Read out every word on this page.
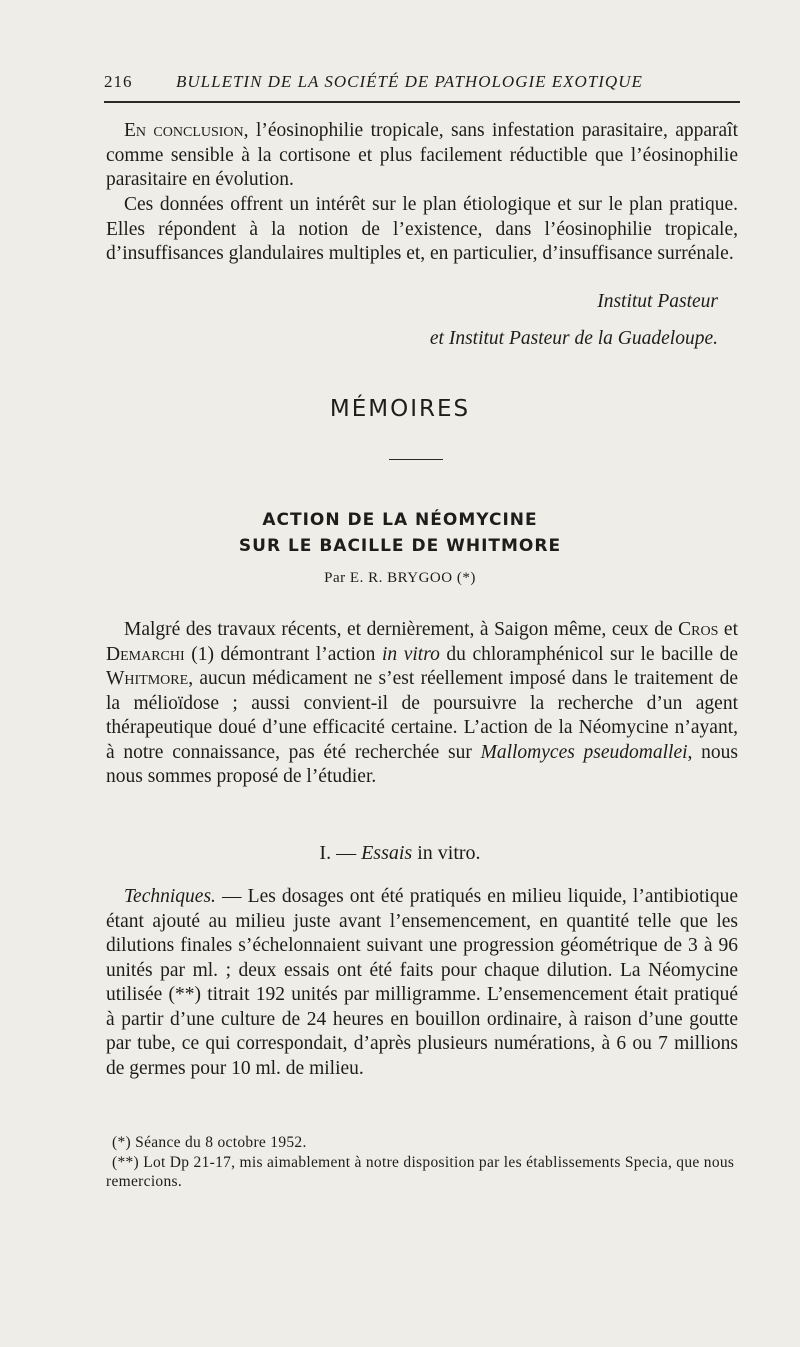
216	BULLETIN DE LA SOCIÉTÉ DE PATHOLOGIE EXOTIQUE

En conclusion, l’éosinophilie tropicale, sans infestation parasitaire, apparaît comme sensible à la cortisone et plus facilement réductible que l’éosinophilie parasitaire en évolution.

Ces données offrent un intérêt sur le plan étiologique et sur le plan pratique. Elles répondent à la notion de l’existence, dans l’éosinophilie tropicale, d’insuffisances glandulaires multiples et, en particulier, d’insuffisance surrénale.

Institut Pasteur
et Institut Pasteur de la Guadeloupe.
MÉMOIRES
ACTION DE LA NÉOMYCINE
SUR LE BACILLE DE WHITMORE
Par E. R. BRYGOO (*)

Malgré des travaux récents, et dernièrement, à Saigon même, ceux de Cros et Demarchi (1) démontrant l’action in vitro du chloramphénicol sur le bacille de Whitmore, aucun médicament ne s’est réellement imposé dans le traitement de la mélioïdose ; aussi convient-il de poursuivre la recherche d’un agent thérapeutique doué d’une efficacité certaine. L’action de la Néomycine n’ayant, à notre connaissance, pas été recherchée sur Mallomyces pseudomallei, nous nous sommes proposé de l’étudier.

I. — Essais in vitro.

Techniques. — Les dosages ont été pratiqués en milieu liquide, l’antibiotique étant ajouté au milieu juste avant l’ensemencement, en quantité telle que les dilutions finales s’échelonnaient suivant une progression géométrique de 3 à 96 unités par ml. ; deux essais ont été faits pour chaque dilution. La Néomycine utilisée (**) titrait 192 unités par milligramme. L’ensemencement était pratiqué à partir d’une culture de 24 heures en bouillon ordinaire, à raison d’une goutte par tube, ce qui correspondait, d’après plusieurs numérations, à 6 ou 7 millions de germes pour 10 ml. de milieu.

(*) Séance du 8 octobre 1952.

(**) Lot Dp 21-17, mis aimablement à notre disposition par les établissements Specia, que nous remercions.
